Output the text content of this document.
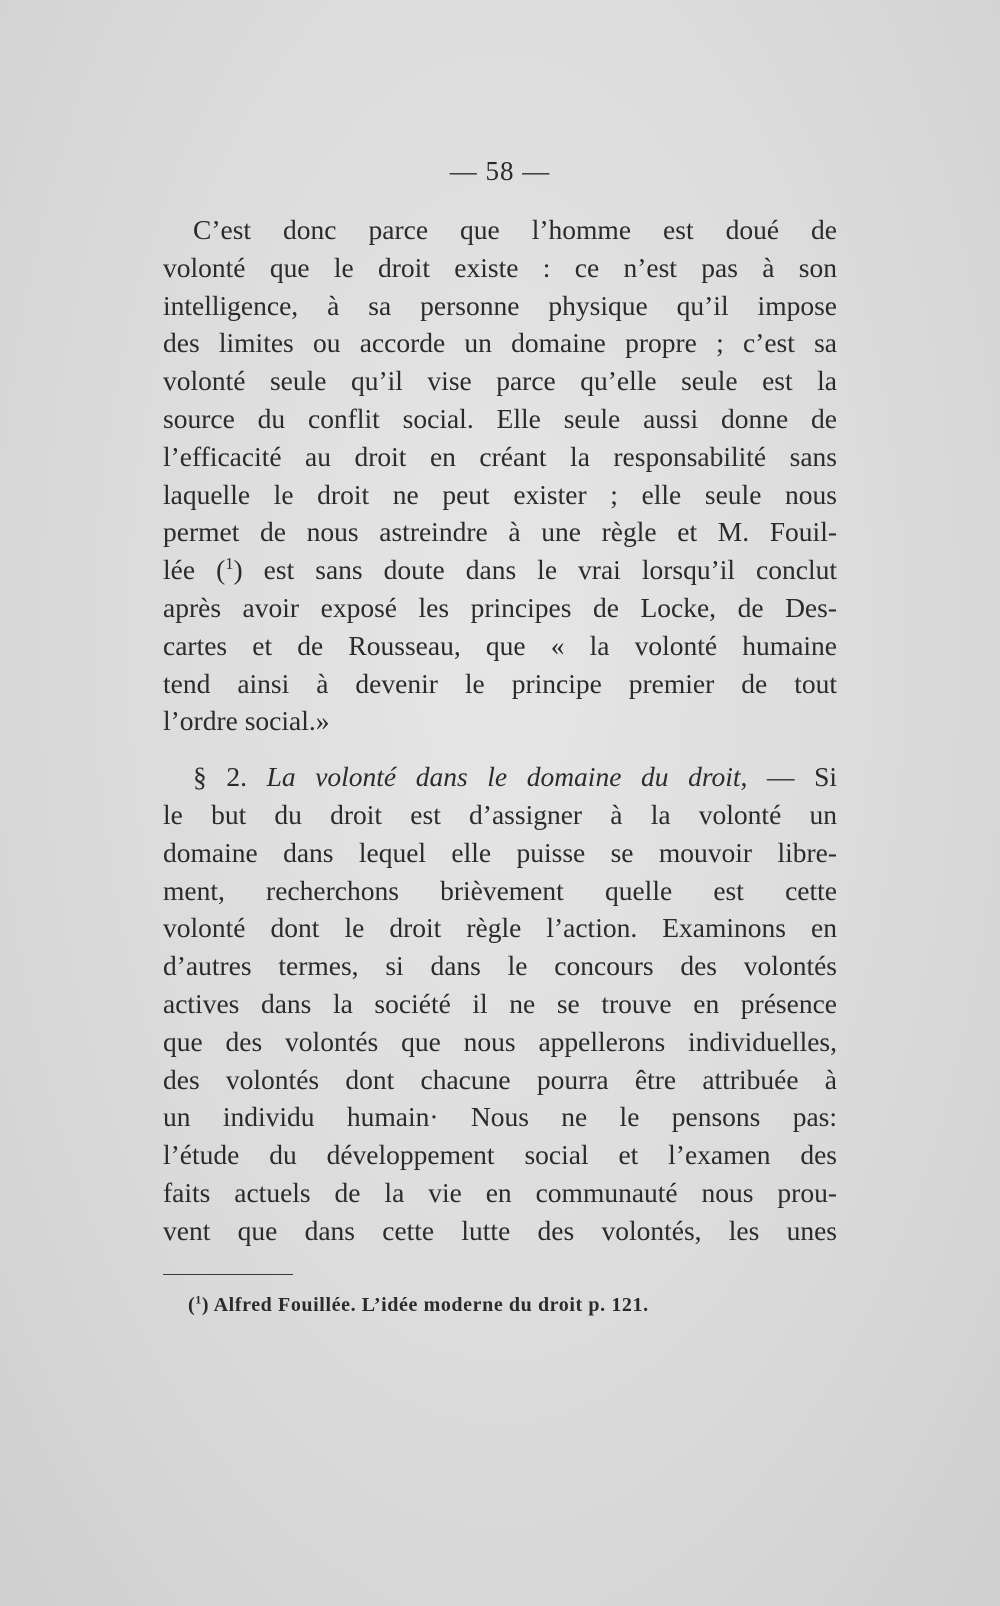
— 58 —
C’est donc parce que l’homme est doué de
volonté que le droit existe : ce n’est pas à son
intelligence, à sa personne physique qu’il impose
des limites ou accorde un domaine propre ; c’est sa
volonté seule qu’il vise parce qu’elle seule est la
source du conflit social. Elle seule aussi donne de
l’efficacité au droit en créant la responsabilité sans
laquelle le droit ne peut exister ; elle seule nous
permet de nous astreindre à une règle et M. Fouil-
lée ($^1$) est sans doute dans le vrai lorsqu’il conclut
après avoir exposé les principes de Locke, de Des-
cartes et de Rousseau, que « la volonté humaine
tend ainsi à devenir le principe premier de tout
l’ordre social.»
§ 2. La volonté dans le domaine du droit, — Si
le but du droit est d’assigner à la volonté un
domaine dans lequel elle puisse se mouvoir libre-
ment, recherchons brièvement quelle est cette
volonté dont le droit règle l’action. Examinons en
d’autres termes, si dans le concours des volontés
actives dans la société il ne se trouve en présence
que des volontés que nous appellerons individuelles,
des volontés dont chacune pourra être attribuée à
un individu humain· Nous ne le pensons pas:
l’étude du développement social et l’examen des
faits actuels de la vie en communauté nous prou-
vent que dans cette lutte des volontés, les unes
($^1$) Alfred Fouillée. L’idée moderne du droit p. 121.
